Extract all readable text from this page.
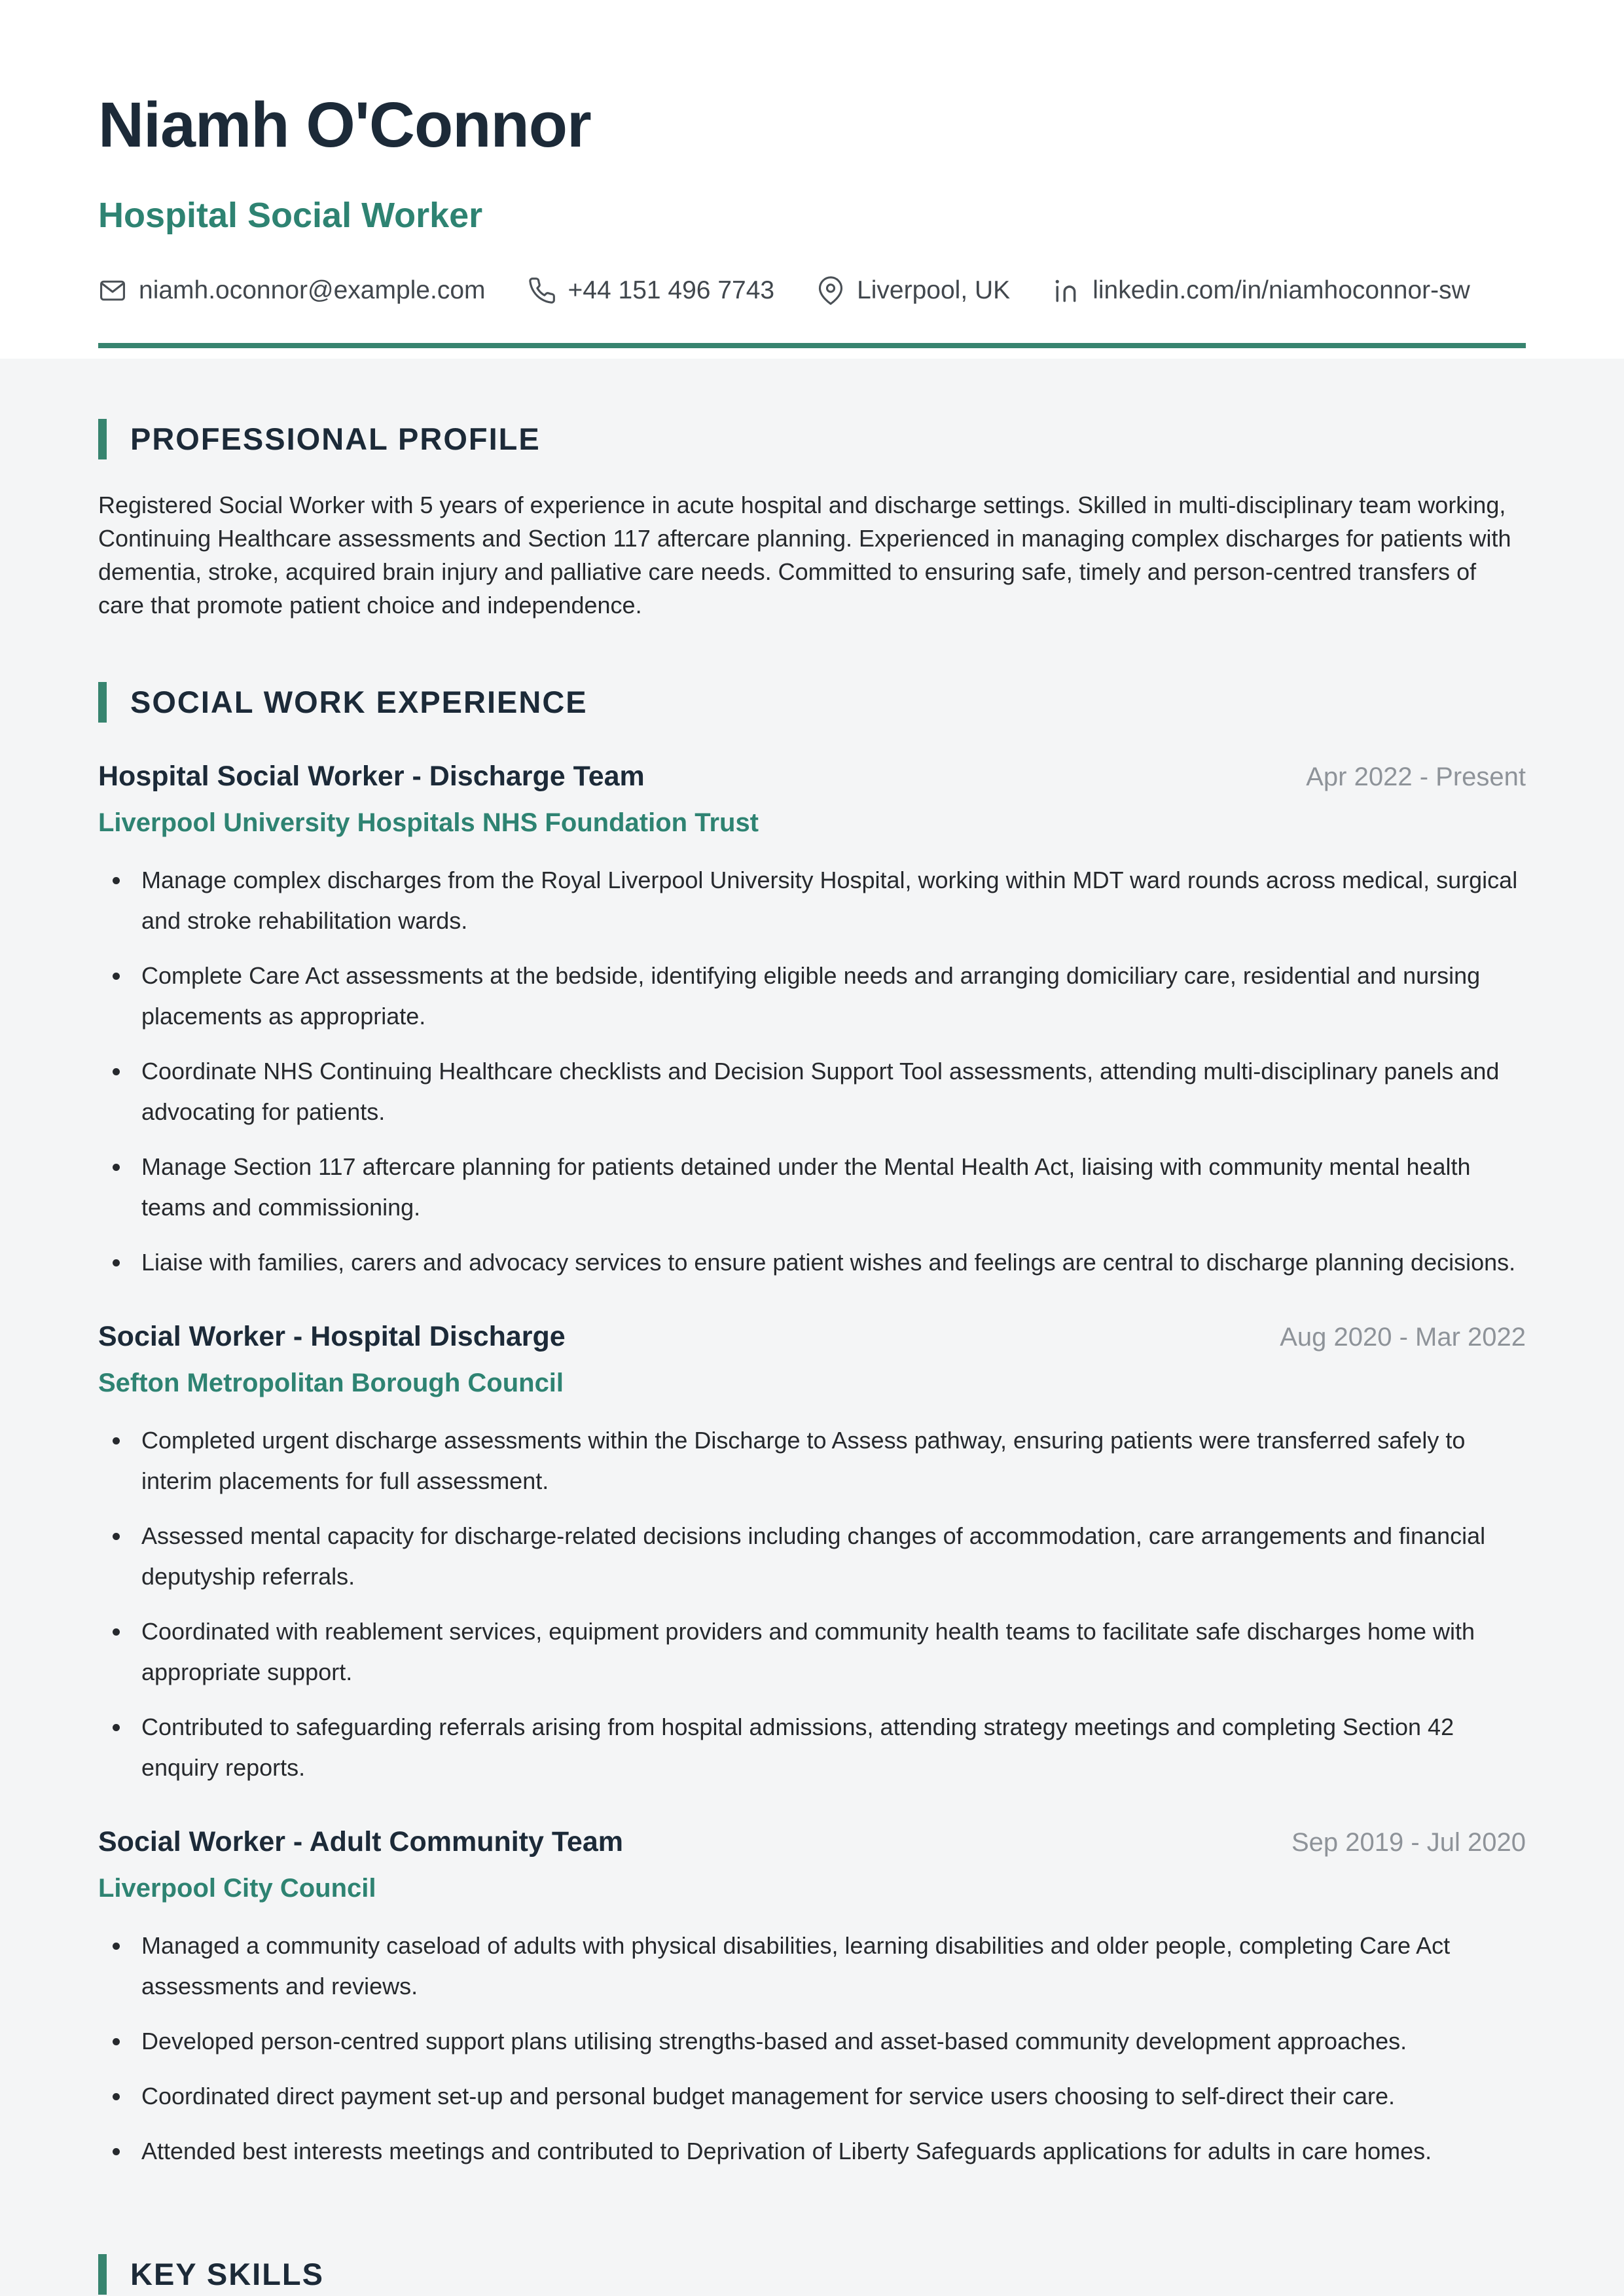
Niamh O'Connor
Hospital Social Worker
niamh.oconnor@example.com	+44 151 496 7743	Liverpool, UK	linkedin.com/in/niamhoconnor-sw
PROFESSIONAL PROFILE

Registered Social Worker with 5 years of experience in acute hospital and discharge settings. Skilled in multi-disciplinary team working, Continuing Healthcare assessments and Section 117 aftercare planning. Experienced in managing complex discharges for patients with dementia, stroke, acquired brain injury and palliative care needs. Committed to ensuring safe, timely and person-centred transfers of care that promote patient choice and independence.

SOCIAL WORK EXPERIENCE
Hospital Social Worker - Discharge Team	Apr 2022 - Present
Liverpool University Hospitals NHS Foundation Trust
Manage complex discharges from the Royal Liverpool University Hospital, working within MDT ward rounds across medical, surgical and stroke rehabilitation wards.
Complete Care Act assessments at the bedside, identifying eligible needs and arranging domiciliary care, residential and nursing placements as appropriate.
Coordinate NHS Continuing Healthcare checklists and Decision Support Tool assessments, attending multi-disciplinary panels and advocating for patients.
Manage Section 117 aftercare planning for patients detained under the Mental Health Act, liaising with community mental health teams and commissioning.
Liaise with families, carers and advocacy services to ensure patient wishes and feelings are central to discharge planning decisions.
Social Worker - Hospital Discharge	Aug 2020 - Mar 2022
Sefton Metropolitan Borough Council
Completed urgent discharge assessments within the Discharge to Assess pathway, ensuring patients were transferred safely to interim placements for full assessment.
Assessed mental capacity for discharge-related decisions including changes of accommodation, care arrangements and financial deputyship referrals.
Coordinated with reablement services, equipment providers and community health teams to facilitate safe discharges home with appropriate support.
Contributed to safeguarding referrals arising from hospital admissions, attending strategy meetings and completing Section 42 enquiry reports.
Social Worker - Adult Community Team	Sep 2019 - Jul 2020
Liverpool City Council
Managed a community caseload of adults with physical disabilities, learning disabilities and older people, completing Care Act assessments and reviews.
Developed person-centred support plans utilising strengths-based and asset-based community development approaches.
Coordinated direct payment set-up and personal budget management for service users choosing to self-direct their care.
Attended best interests meetings and contributed to Deprivation of Liberty Safeguards applications for adults in care homes.
KEY SKILLS
